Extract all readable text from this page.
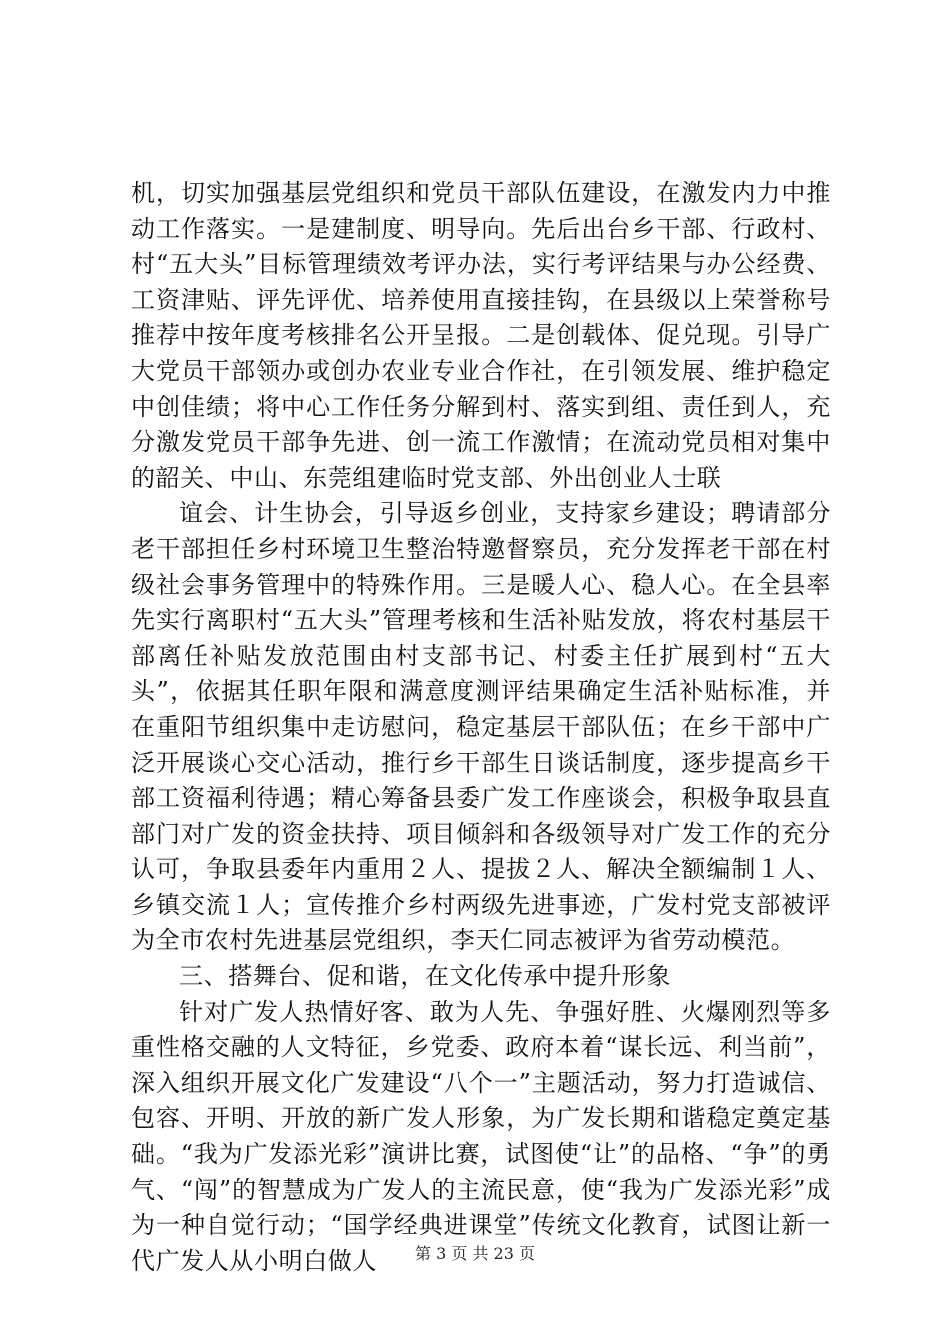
机，切实加强基层党组织和党员干部队伍建设，在激发内力中推动工作落实。一是建制度、明导向。先后出台乡干部、行政村、村“五大头”目标管理绩效考评办法，实行考评结果与办公经费、工资津贴、评先评优、培养使用直接挂钩，在县级以上荣誉称号推荐中按年度考核排名公开呈报。二是创载体、促兑现。引导广大党员干部领办或创办农业专业合作社，在引领发展、维护稳定中创佳绩；将中心工作任务分解到村、落实到组、责任到人，充分激发党员干部争先进、创一流工作激情；在流动党员相对集中的韶关、中山、东莞组建临时党支部、外出创业人士联

谊会、计生协会，引导返乡创业，支持家乡建设；聘请部分老干部担任乡村环境卫生整治特邀督察员，充分发挥老干部在村级社会事务管理中的特殊作用。三是暖人心、稳人心。在全县率先实行离职村“五大头”管理考核和生活补贴发放，将农村基层干部离任补贴发放范围由村支部书记、村委主任扩展到村“五大头”，依据其任职年限和满意度测评结果确定生活补贴标准，并在重阳节组织集中走访慰问，稳定基层干部队伍；在乡干部中广泛开展谈心交心活动，推行乡干部生日谈话制度，逐步提高乡干部工资福利待遇；精心筹备县委广发工作座谈会，积极争取县直部门对广发的资金扶持、项目倾斜和各级领导对广发工作的充分认可，争取县委年内重用２人、提拔２人、解决全额编制１人、乡镇交流１人；宣传推介乡村两级先进事迹，广发村党支部被评为全市农村先进基层党组织，李天仁同志被评为省劳动模范。

三、搭舞台、促和谐，在文化传承中提升形象

针对广发人热情好客、敢为人先、争强好胜、火爆刚烈等多重性格交融的人文特征，乡党委、政府本着“谋长远、利当前”，深入组织开展文化广发建设“八个一”主题活动，努力打造诚信、包容、开明、开放的新广发人形象，为广发长期和谐稳定奠定基础。“我为广发添光彩”演讲比赛，试图使“让”的品格、“争”的勇气、“闯”的智慧成为广发人的主流民意，使“我为广发添光彩”成为一种自觉行动；“国学经典进课堂”传统文化教育，试图让新一代广发人从小明白做人	第 3 页 共 23 页
